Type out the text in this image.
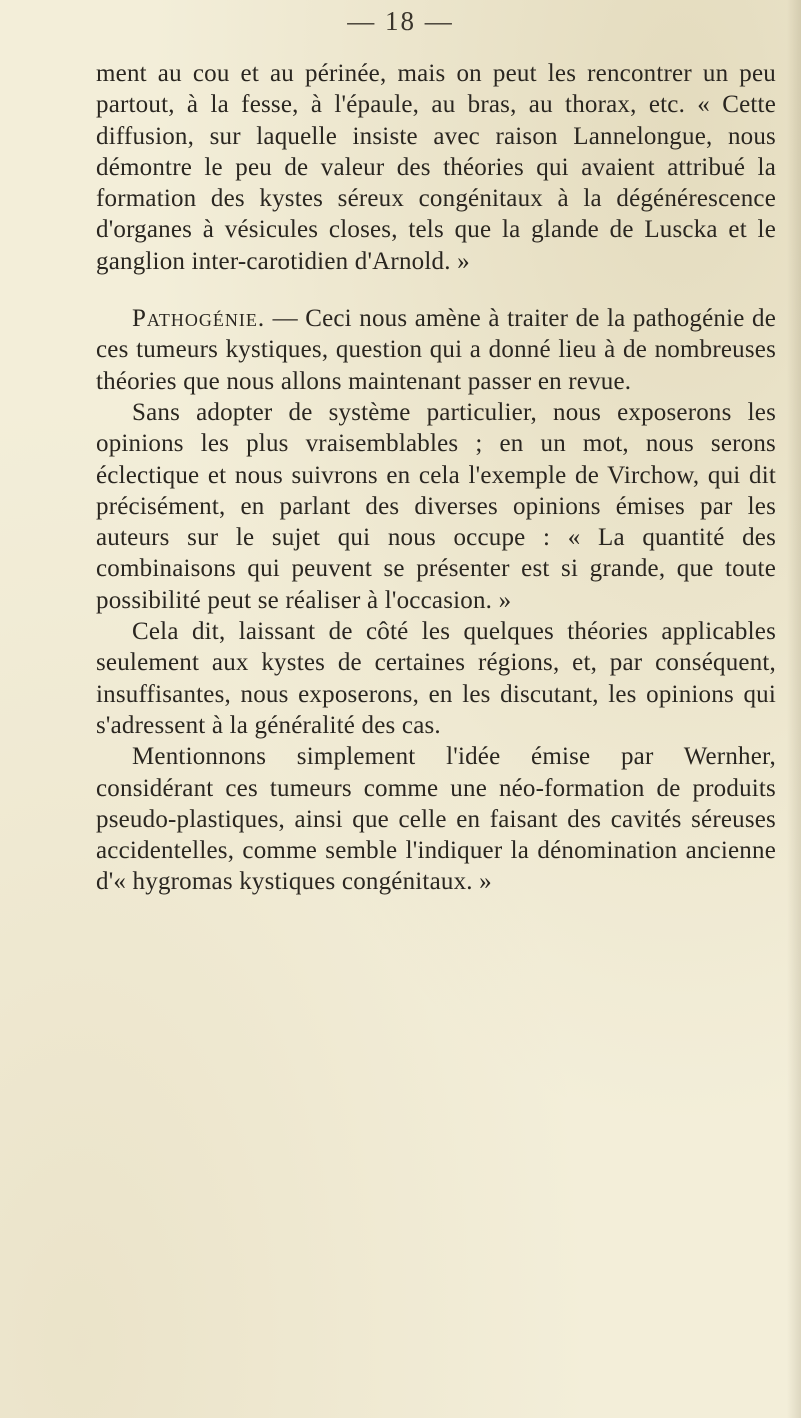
— 18 —

ment au cou et au périnée, mais on peut les rencontrer un peu partout, à la fesse, à l'épaule, au bras, au thorax, etc. « Cette diffusion, sur laquelle insiste avec raison Lannelongue, nous démontre le peu de valeur des théories qui avaient attribué la formation des kystes séreux congénitaux à la dégénérescence d'organes à vésicules closes, tels que la glande de Luscka et le ganglion inter-carotidien d'Arnold. »

Pathogénie. — Ceci nous amène à traiter de la pathogénie de ces tumeurs kystiques, question qui a donné lieu à de nombreuses théories que nous allons maintenant passer en revue.

Sans adopter de système particulier, nous exposerons les opinions les plus vraisemblables ; en un mot, nous serons éclectique et nous suivrons en cela l'exemple de Virchow, qui dit précisément, en parlant des diverses opinions émises par les auteurs sur le sujet qui nous occupe : « La quantité des combinaisons qui peuvent se présenter est si grande, que toute possibilité peut se réaliser à l'occasion. »

Cela dit, laissant de côté les quelques théories applicables seulement aux kystes de certaines régions, et, par conséquent, insuffisantes, nous exposerons, en les discutant, les opinions qui s'adressent à la généralité des cas.

Mentionnons simplement l'idée émise par Wernher, considérant ces tumeurs comme une néo-formation de produits pseudo-plastiques, ainsi que celle en faisant des cavités séreuses accidentelles, comme semble l'indiquer la dénomination ancienne d'« hygromas kystiques congénitaux. »
